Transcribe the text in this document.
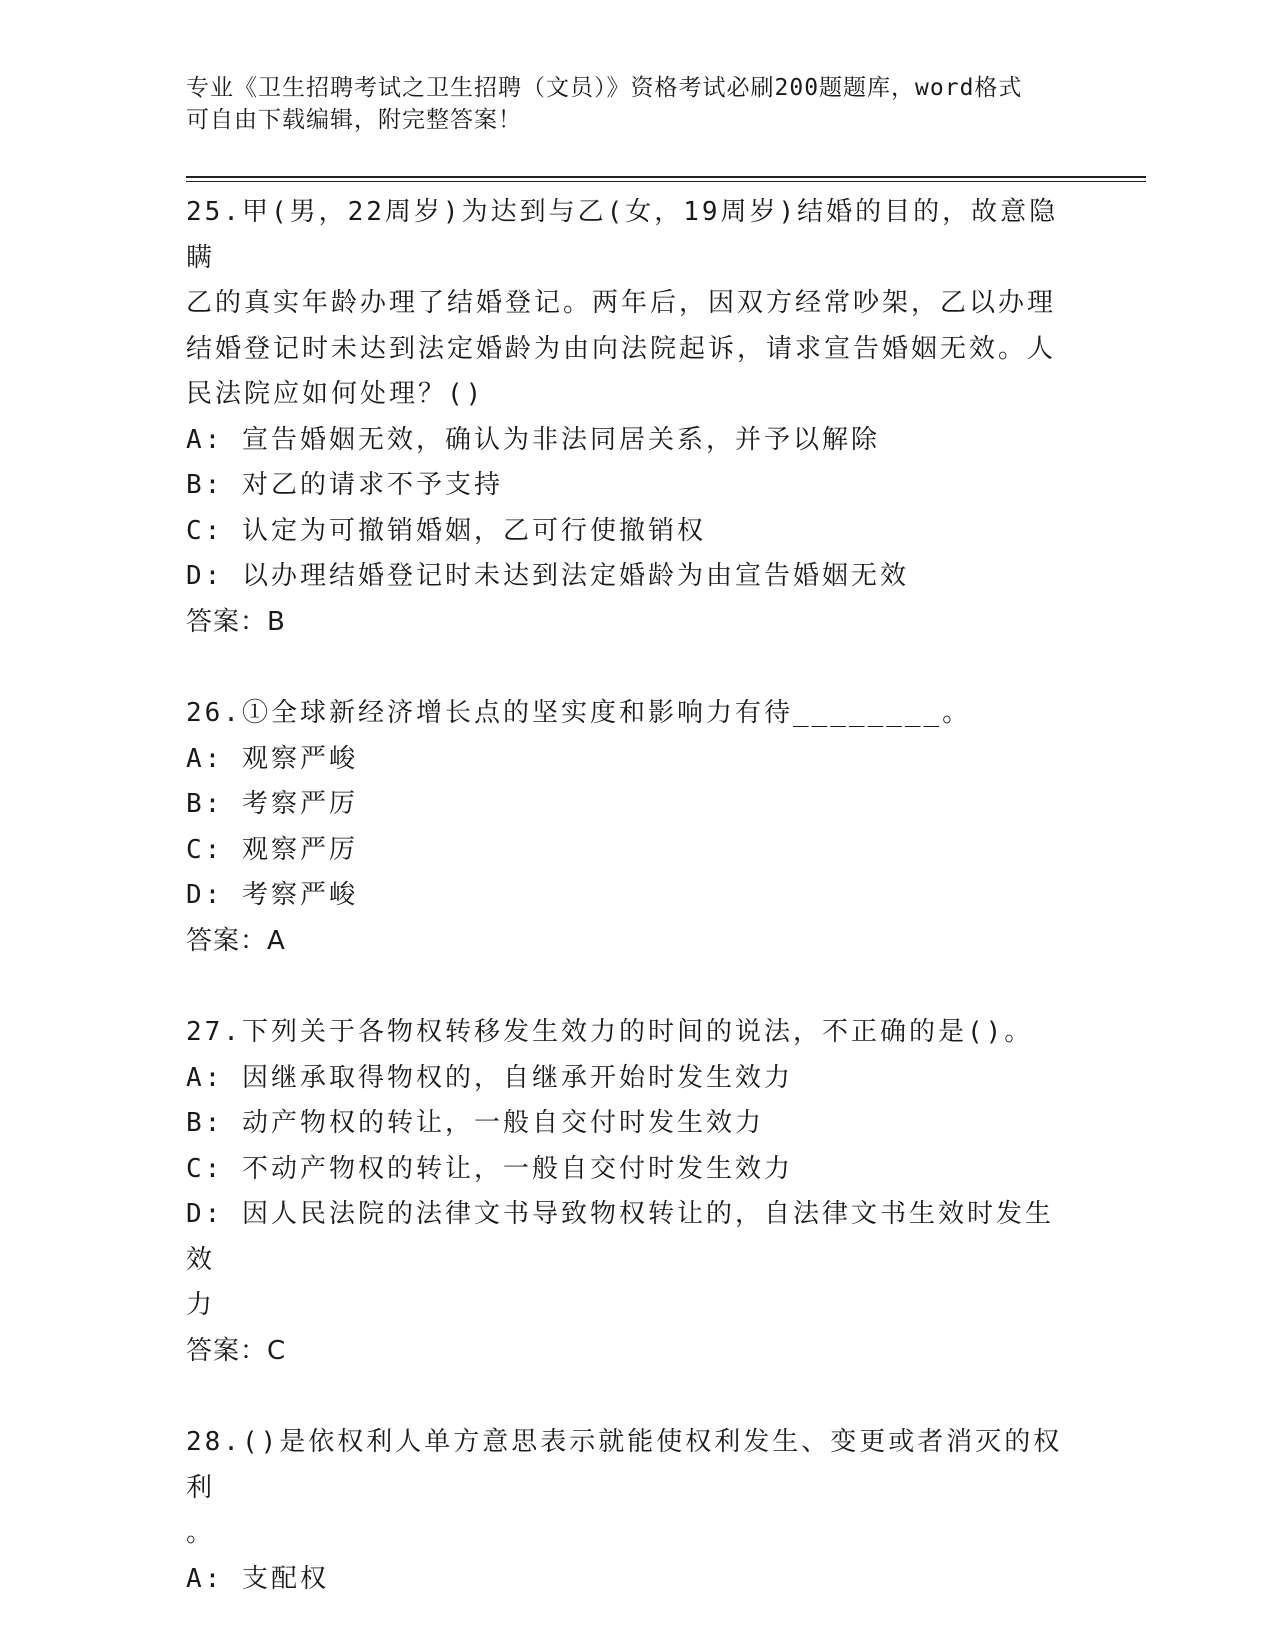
专业《卫生招聘考试之卫生招聘（文员）》资格考试必刷200题题库，word格式
可自由下载编辑，附完整答案！
25.甲(男，22周岁)为达到与乙(女，19周岁)结婚的目的，故意隐瞒
乙的真实年龄办理了结婚登记。两年后，因双方经常吵架，乙以办理
结婚登记时未达到法定婚龄为由向法院起诉，请求宣告婚姻无效。人
民法院应如何处理？()
A: 宣告婚姻无效，确认为非法同居关系，并予以解除
B: 对乙的请求不予支持
C: 认定为可撤销婚姻，乙可行使撤销权
D: 以办理结婚登记时未达到法定婚龄为由宣告婚姻无效
答案：B
26.①全球新经济增长点的坚实度和影响力有待________。
A: 观察严峻
B: 考察严厉
C: 观察严厉
D: 考察严峻
答案：A
27.下列关于各物权转移发生效力的时间的说法，不正确的是()。
A: 因继承取得物权的，自继承开始时发生效力
B: 动产物权的转让，一般自交付时发生效力
C: 不动产物权的转让，一般自交付时发生效力
D: 因人民法院的法律文书导致物权转让的，自法律文书生效时发生效
力
答案：C
28.()是依权利人单方意思表示就能使权利发生、变更或者消灭的权利
。
A: 支配权
